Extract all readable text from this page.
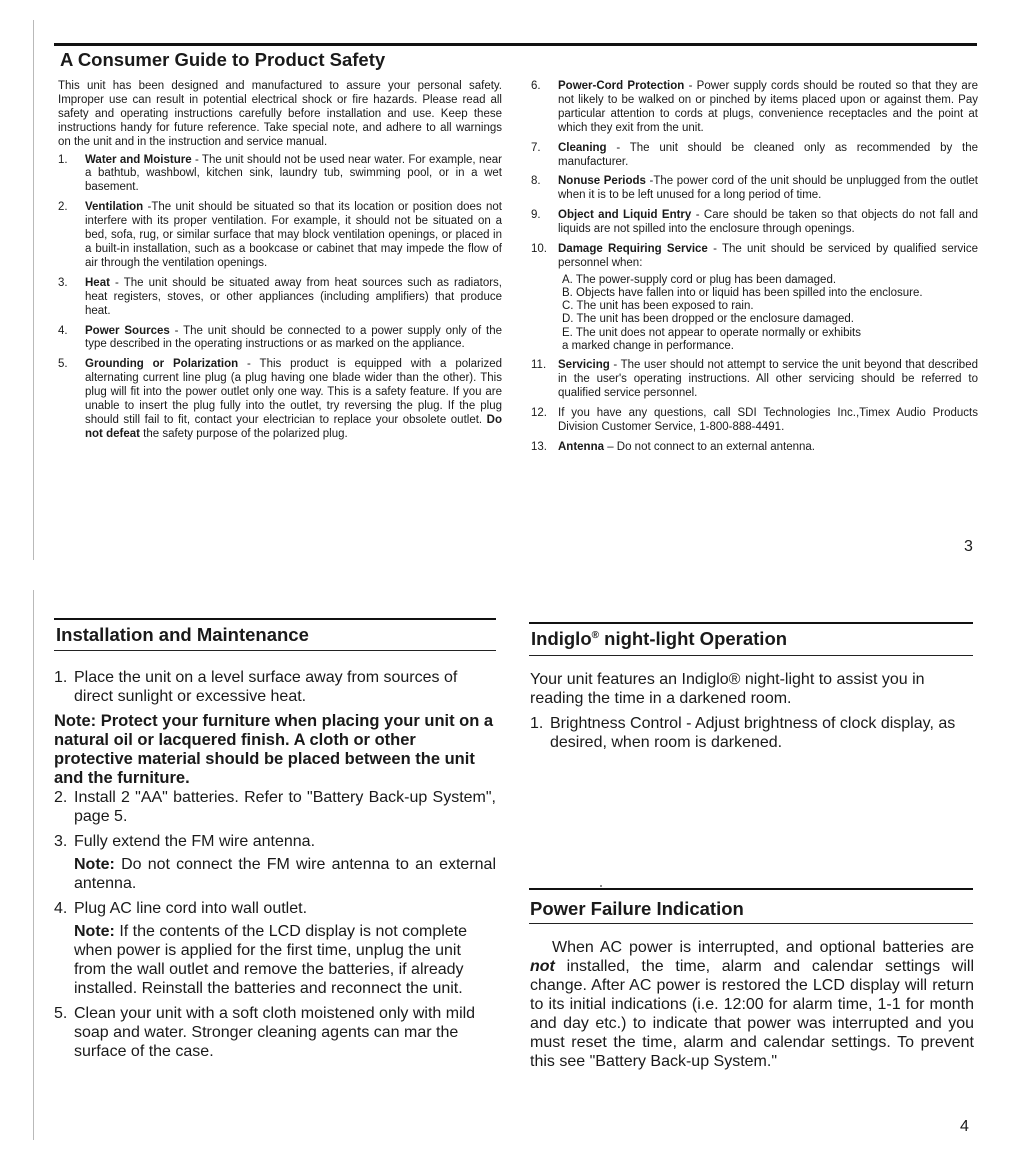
A Consumer Guide to Product Safety

This unit has been designed and manufactured to assure your personal safety. Improper use can result in potential electrical shock or fire hazards. Please read all safety and operating instructions carefully before installation and use. Keep these instructions handy for future reference. Take special note, and adhere to all warnings on the unit and in the instruction and service manual.

1. Water and Moisture - The unit should not be used near water. For example, near a bathtub, washbowl, kitchen sink, laundry tub, swimming pool, or in a wet basement.
2. Ventilation -The unit should be situated so that its location or position does not interfere with its proper ventilation. For example, it should not be situated on a bed, sofa, rug, or similar surface that may block ventilation openings, or placed in a built-in installation, such as a bookcase or cabinet that may impede the flow of air through the ventilation openings.
3. Heat - The unit should be situated away from heat sources such as radiators, heat registers, stoves, or other appliances (including amplifiers) that produce heat.
4. Power Sources - The unit should be connected to a power supply only of the type described in the operating instructions or as marked on the appliance.
5. Grounding or Polarization - This product is equipped with a polarized alternating current line plug (a plug having one blade wider than the other). This plug will fit into the power outlet only one way. This is a safety feature. If you are unable to insert the plug fully into the outlet, try reversing the plug. If the plug should still fail to fit, contact your electrician to replace your obsolete outlet. Do not defeat the safety purpose of the polarized plug.
6. Power-Cord Protection - Power supply cords should be routed so that they are not likely to be walked on or pinched by items placed upon or against them. Pay particular attention to cords at plugs, convenience receptacles and the point at which they exit from the unit.
7. Cleaning - The unit should be cleaned only as recommended by the manufacturer.
8. Nonuse Periods -The power cord of the unit should be unplugged from the outlet when it is to be left unused for a long period of time.
9. Object and Liquid Entry - Care should be taken so that objects do not fall and liquids are not spilled into the enclosure through openings.
10. Damage Requiring Service - The unit should be serviced by qualified service personnel when:
A. The power-supply cord or plug has been damaged.
B. Objects have fallen into or liquid has been spilled into the enclosure.
C. The unit has been exposed to rain.
D. The unit has been dropped or the enclosure damaged.
E. The unit does not appear to operate normally or exhibits
a marked change in performance.
11. Servicing - The user should not attempt to service the unit beyond that described in the user's operating instructions. All other servicing should be referred to qualified service personnel.
12. If you have any questions, call SDI Technologies Inc.,Timex Audio Products Division Customer Service, 1-800-888-4491.
13. Antenna – Do not connect to an external antenna.
3
Installation and Maintenance
1. Place the unit on a level surface away from sources of direct sunlight or excessive heat.

Note: Protect your furniture when placing your unit on a natural oil or lacquered finish. A cloth or other protective material should be placed between the unit and the furniture.

2. Install 2 "AA" batteries. Refer to "Battery Back-up System", page 5.
3. Fully extend the FM wire antenna.
Note: Do not connect the FM wire antenna to an external antenna.
4. Plug AC line cord into wall outlet.
Note: If the contents of the LCD display is not complete when power is applied for the first time, unplug the unit from the wall outlet and remove the batteries, if already installed. Reinstall the batteries and reconnect the unit.
5. Clean your unit with a soft cloth moistened only with mild soap and water. Stronger cleaning agents can mar the surface of the case.
Indiglo® night-light Operation

Your unit features an Indiglo® night-light to assist you in reading the time in a darkened room.

1. Brightness Control - Adjust brightness of clock display, as desired, when room is darkened.
Power Failure Indication

When AC power is interrupted, and optional batteries are not installed, the time, alarm and calendar settings will change. After AC power is restored the LCD display will return to its initial indications (i.e. 12:00 for alarm time, 1-1 for month and day etc.) to indicate that power was interrupted and you must reset the time, alarm and calendar settings. To prevent this see "Battery Back-up System."

4
